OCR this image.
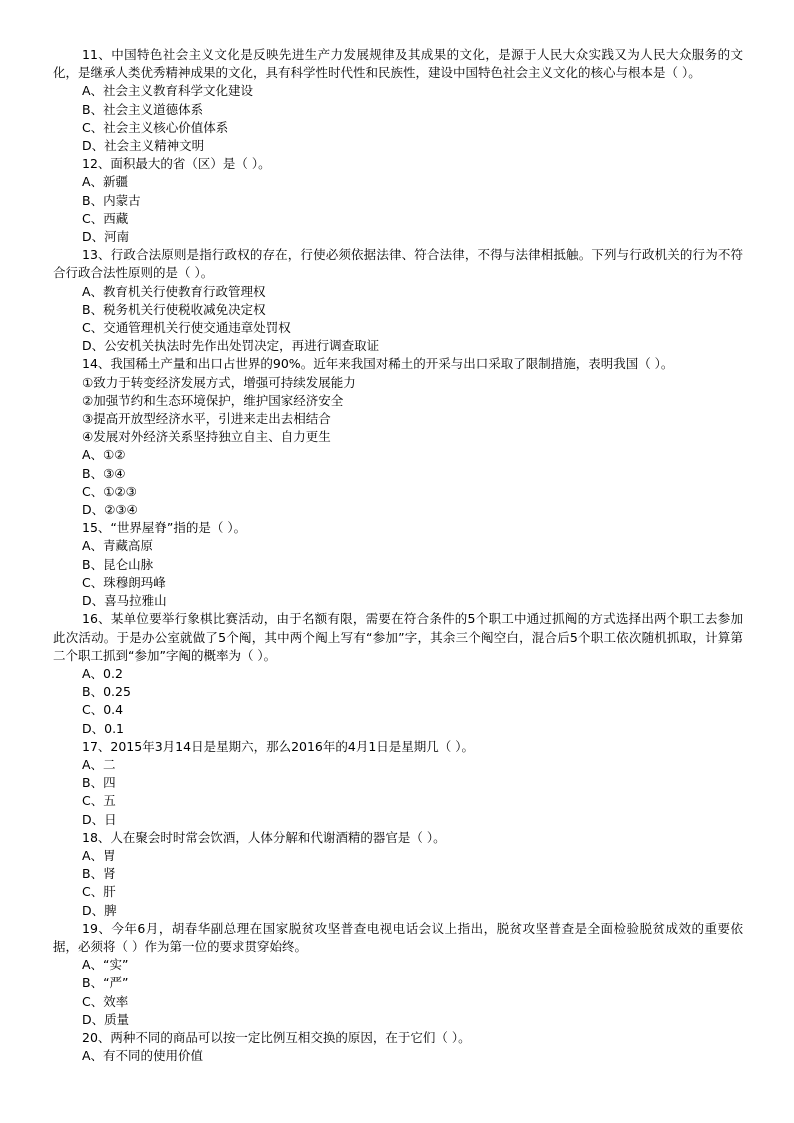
11、中国特色社会主义文化是反映先进生产力发展规律及其成果的文化，是源于人民大众实践又为人民大众服务的文化，是继承人类优秀精神成果的文化，具有科学性时代性和民族性，建设中国特色社会主义文化的核心与根本是（ ）。

A、社会主义教育科学文化建设

B、社会主义道德体系

C、社会主义核心价值体系

D、社会主义精神文明

12、面积最大的省（区）是（ ）。

A、新疆

B、内蒙古

C、西藏

D、河南

13、行政合法原则是指行政权的存在，行使必须依据法律、符合法律，不得与法律相抵触。下列与行政机关的行为不符合行政合法性原则的是（ ）。

A、教育机关行使教育行政管理权

B、税务机关行使税收减免决定权

C、交通管理机关行使交通违章处罚权

D、公安机关执法时先作出处罚决定，再进行调查取证

14、我国稀土产量和出口占世界的90%。近年来我国对稀土的开采与出口采取了限制措施，表明我国（ ）。

①致力于转变经济发展方式，增强可持续发展能力

②加强节约和生态环境保护，维护国家经济安全

③提高开放型经济水平，引进来走出去相结合

④发展对外经济关系坚持独立自主、自力更生

A、①②

B、③④

C、①②③

D、②③④

15、“世界屋脊”指的是（ ）。

A、青藏高原

B、昆仑山脉

C、珠穆朗玛峰

D、喜马拉雅山

16、某单位要举行象棋比赛活动，由于名额有限，需要在符合条件的5个职工中通过抓阄的方式选择出两个职工去参加此次活动。于是办公室就做了5个阄，其中两个阄上写有“参加”字，其余三个阄空白，混合后5个职工依次随机抓取，计算第二个职工抓到“参加”字阄的概率为（ ）。

A、0.2

B、0.25

C、0.4

D、0.1

17、2015年3月14日是星期六，那么2016年的4月1日是星期几（ ）。

A、二

B、四

C、五

D、日

18、人在聚会时时常会饮酒，人体分解和代谢酒精的器官是（ ）。

A、胃

B、肾

C、肝

D、脾

19、今年6月，胡春华副总理在国家脱贫攻坚普查电视电话会议上指出，脱贫攻坚普查是全面检验脱贫成效的重要依据，必须将（ ）作为第一位的要求贯穿始终。

A、“实”

B、“严”

C、效率

D、质量

20、两种不同的商品可以按一定比例互相交换的原因，在于它们（ ）。

A、有不同的使用价值
